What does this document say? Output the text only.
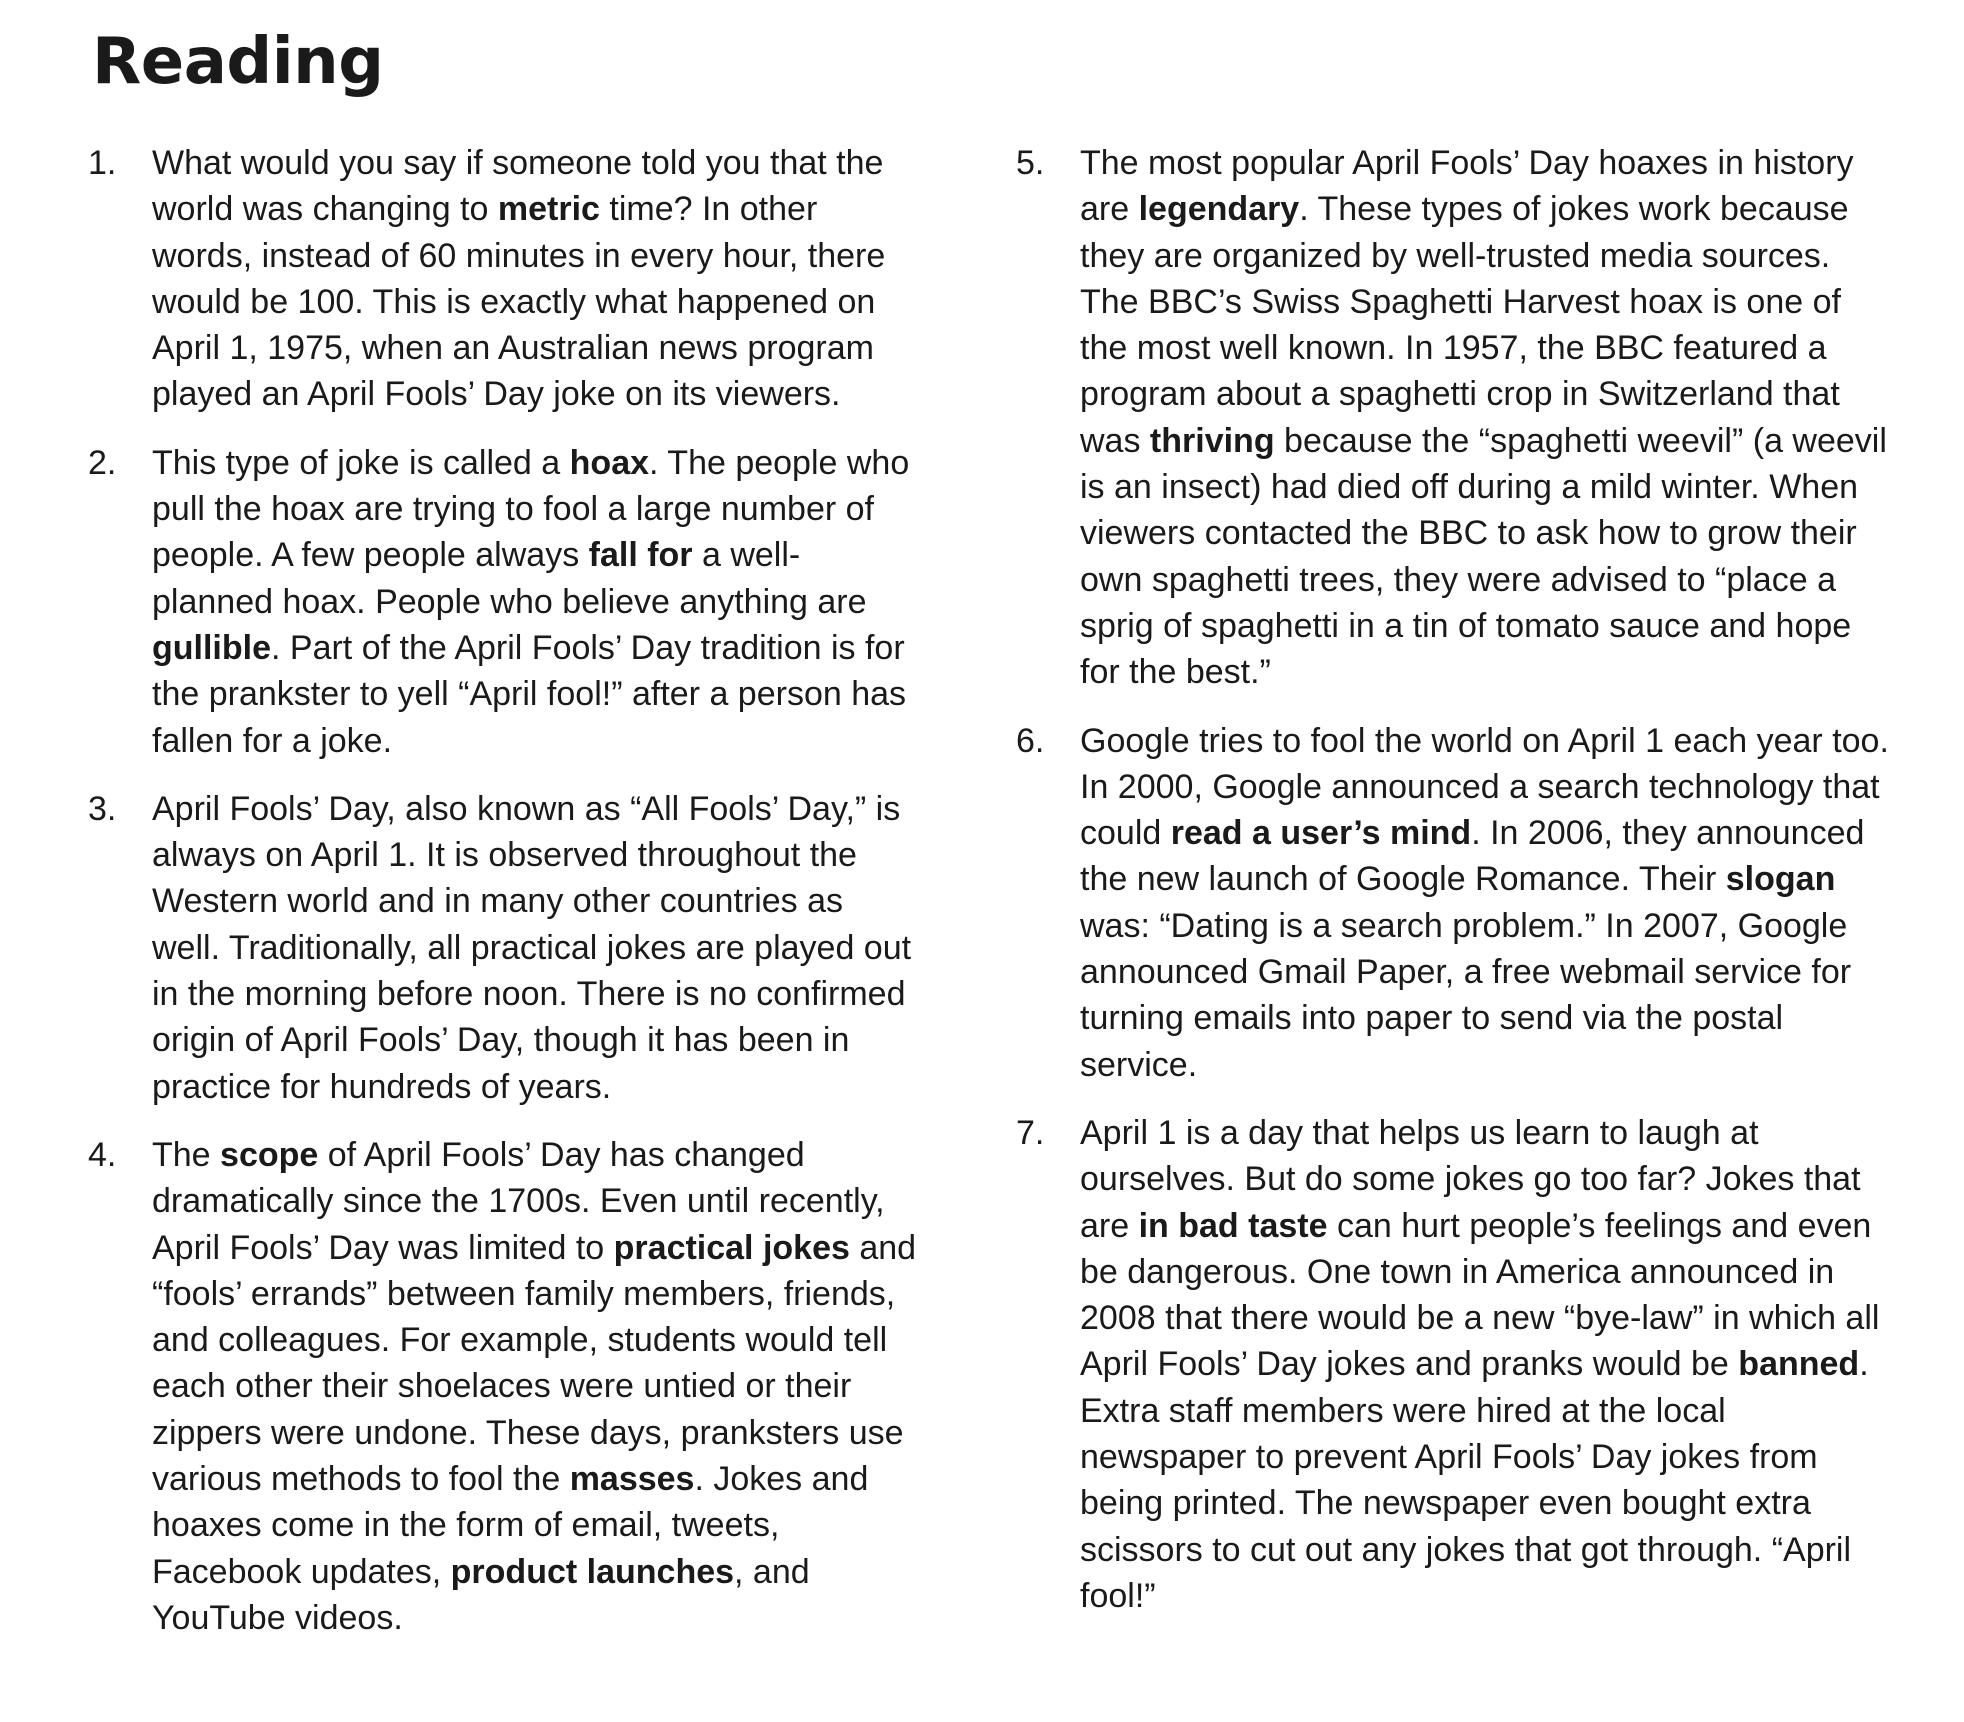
Reading
1. What would you say if someone told you that the world was changing to metric time? In other words, instead of 60 minutes in every hour, there would be 100. This is exactly what happened on April 1, 1975, when an Australian news program played an April Fools’ Day joke on its viewers.
2. This type of joke is called a hoax. The people who pull the hoax are trying to fool a large number of people. A few people always fall for a well-planned hoax. People who believe anything are gullible. Part of the April Fools’ Day tradition is for the prankster to yell “April fool!” after a person has fallen for a joke.
3. April Fools’ Day, also known as “All Fools’ Day,” is always on April 1. It is observed throughout the Western world and in many other countries as well. Traditionally, all practical jokes are played out in the morning before noon. There is no confirmed origin of April Fools’ Day, though it has been in practice for hundreds of years.
4. The scope of April Fools’ Day has changed dramatically since the 1700s. Even until recently, April Fools’ Day was limited to practical jokes and “fools’ errands” between family members, friends, and colleagues. For example, students would tell each other their shoelaces were untied or their zippers were undone. These days, pranksters use various methods to fool the masses. Jokes and hoaxes come in the form of email, tweets, Facebook updates, product launches, and YouTube videos.
5. The most popular April Fools’ Day hoaxes in history are legendary. These types of jokes work because they are organized by well-trusted media sources. The BBC’s Swiss Spaghetti Harvest hoax is one of the most well known. In 1957, the BBC featured a program about a spaghetti crop in Switzerland that was thriving because the “spaghetti weevil” (a weevil is an insect) had died off during a mild winter. When viewers contacted the BBC to ask how to grow their own spaghetti trees, they were advised to “place a sprig of spaghetti in a tin of tomato sauce and hope for the best.”
6. Google tries to fool the world on April 1 each year too. In 2000, Google announced a search technology that could read a user’s mind. In 2006, they announced the new launch of Google Romance. Their slogan was: “Dating is a search problem.” In 2007, Google announced Gmail Paper, a free webmail service for turning emails into paper to send via the postal service.
7. April 1 is a day that helps us learn to laugh at ourselves. But do some jokes go too far? Jokes that are in bad taste can hurt people’s feelings and even be dangerous. One town in America announced in 2008 that there would be a new “bye-law” in which all April Fools’ Day jokes and pranks would be banned. Extra staff members were hired at the local newspaper to prevent April Fools’ Day jokes from being printed. The newspaper even bought extra scissors to cut out any jokes that got through. “April fool!”
